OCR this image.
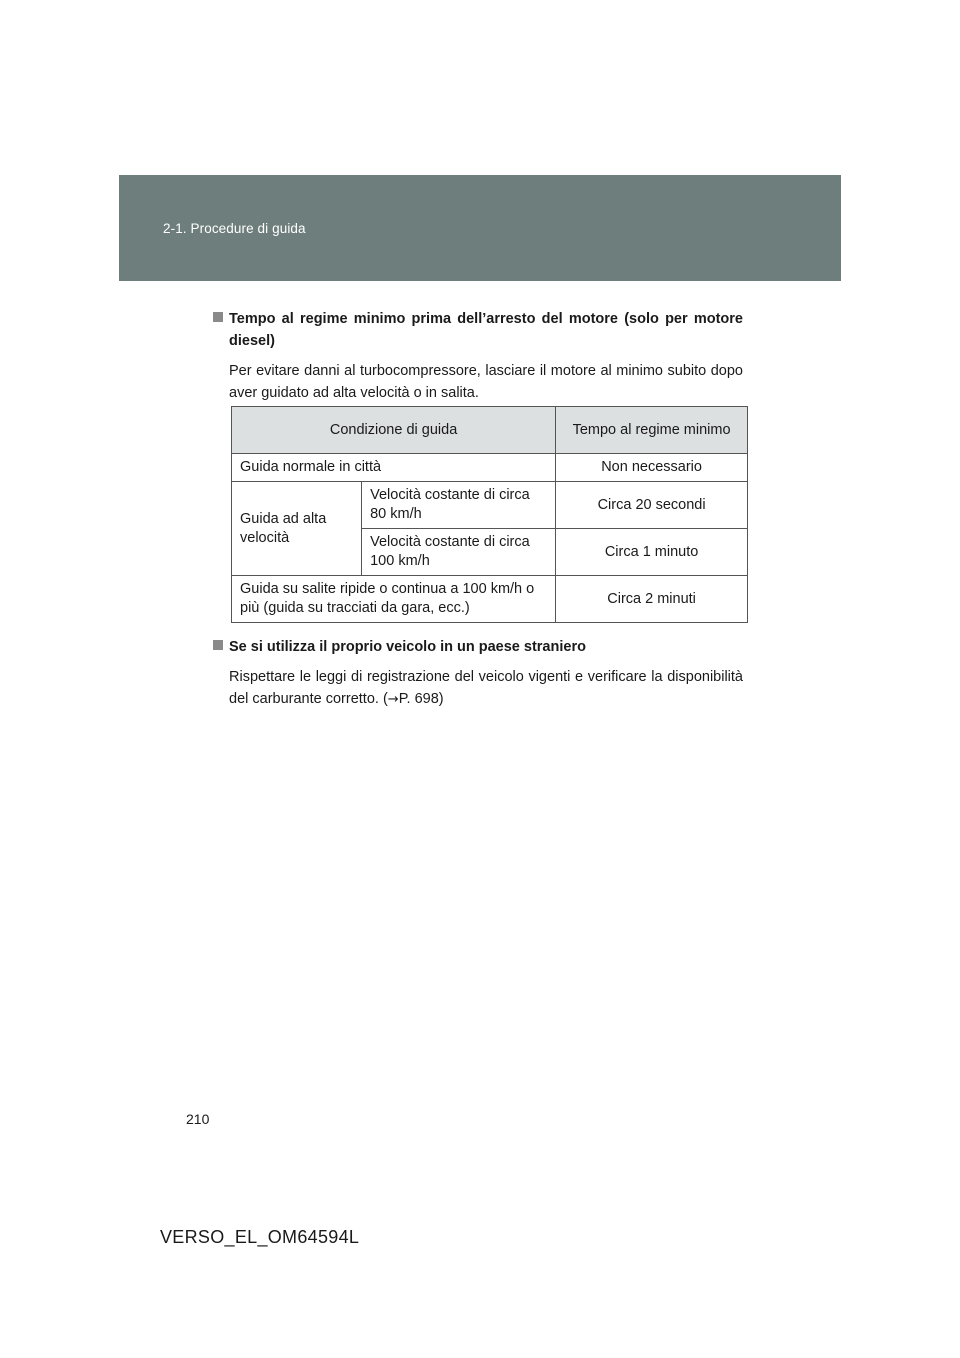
2-1. Procedure di guida
Tempo al regime minimo prima dell’arresto del motore (solo per motore diesel)
Per evitare danni al turbocompressore, lasciare il motore al minimo subito dopo aver guidato ad alta velocità o in salita.
Condizione di guida		Tempo al regime minimo
Guida normale in città		Non necessario
Guida ad alta velocità	Velocità costante di circa 80 km/h	Circa 20 secondi
	Velocità costante di circa 100 km/h	Circa 1 minuto
Guida su salite ripide o continua a 100 km/h o più (guida su tracciati da gara, ecc.)		Circa 2 minuti
Se si utilizza il proprio veicolo in un paese straniero
Rispettare le leggi di registrazione del veicolo vigenti e verificare la disponibilità del carburante corretto. (→P. 698)
210
VERSO_EL_OM64594L
